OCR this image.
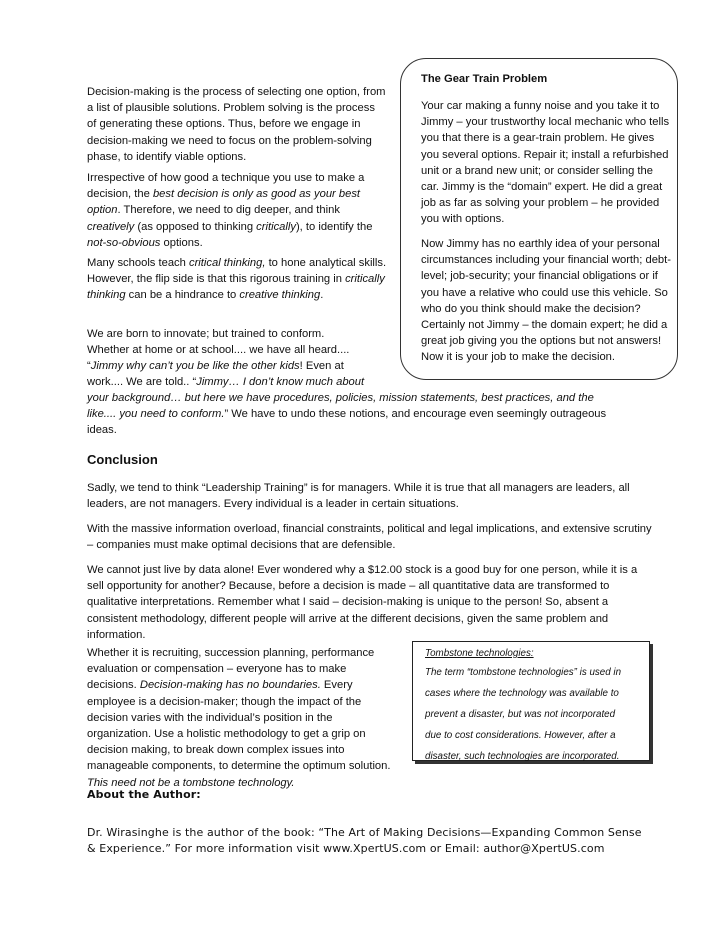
Decision-making is the process of selecting one option, from a list of plausible solutions. Problem solving is the process of generating these options. Thus, before we engage in decision-making we need to focus on the problem-solving phase, to identify viable options.

Irrespective of how good a technique you use to make a decision, the best decision is only as good as your best option. Therefore, we need to dig deeper, and think creatively (as opposed to thinking critically), to identify the not-so-obvious options.

Many schools teach critical thinking, to hone analytical skills. However, the flip side is that this rigorous training in critically thinking can be a hindrance to creative thinking.

We are born to innovate; but trained to conform.
Whether at home or at school.... we have all heard....
“Jimmy why can’t you be like the other kids! Even at
work.... We are told.. “Jimmy… I don’t know much about
your background… but here we have procedures, policies, mission statements, best practices, and the
like.... you need to conform.” We have to undo these notions, and encourage even seemingly outrageous
ideas.
The Gear Train Problem
Your car making a funny noise and you take it to Jimmy – your trustworthy local mechanic who tells you that there is a gear-train problem. He gives you several options. Repair it; install a refurbished unit or a brand new unit; or consider selling the car. Jimmy is the “domain” expert. He did a great job as far as solving your problem – he provided you with options.
Now Jimmy has no earthly idea of your personal circumstances including your financial worth; debt-level; job-security; your financial obligations or if you have a relative who could use this vehicle. So who do you think should make the decision? Certainly not Jimmy – the domain expert; he did a great job giving you the options but not answers! Now it is your job to make the decision.
Conclusion

Sadly, we tend to think “Leadership Training” is for managers. While it is true that all managers are leaders, all leaders, are not managers. Every individual is a leader in certain situations.

With the massive information overload, financial constraints, political and legal implications, and extensive scrutiny – companies must make optimal decisions that are defensible.

We cannot just live by data alone! Ever wondered why a $12.00 stock is a good buy for one person, while it is a sell opportunity for another? Because, before a decision is made – all quantitative data are transformed to qualitative interpretations. Remember what I said – decision-making is unique to the person! So, absent a consistent methodology, different people will arrive at the different decisions, given the same problem and information.

Whether it is recruiting, succession planning, performance evaluation or compensation – everyone has to make decisions. Decision-making has no boundaries. Every employee is a decision-maker; though the impact of the decision varies with the individual’s position in the organization. Use a holistic methodology to get a grip on decision making, to break down complex issues into manageable components, to determine the optimum solution. This need not be a tombstone technology.

Tombstone technologies:
The term “tombstone technologies” is used in
cases where the technology was available to
prevent a disaster, but was not incorporated
due to cost considerations. However, after a
disaster, such technologies are incorporated.
About the Author:
Dr. Wirasinghe is the author of the book: “The Art of Making Decisions—Expanding Common Sense
& Experience.” For more information visit www.XpertUS.com or Email: author@XpertUS.com
